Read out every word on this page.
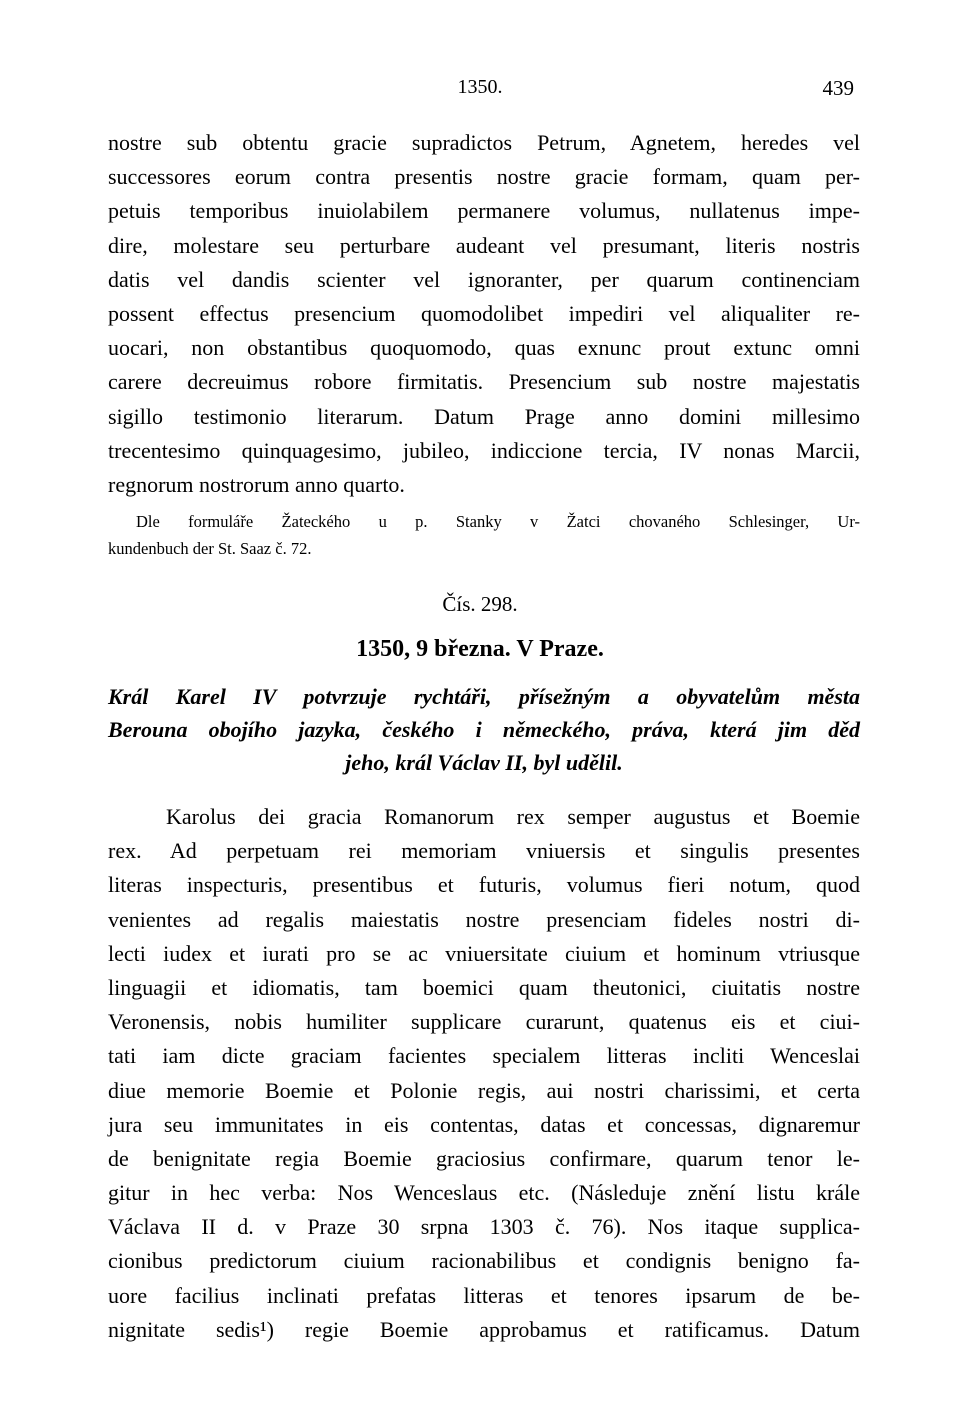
1350.	439
nostre sub obtentu gracie supradictos Petrum, Agnetem, heredes vel
successores eorum contra presentis nostre gracie formam, quam per-
petuis temporibus inuiolabilem permanere volumus, nullatenus impe-
dire, molestare seu perturbare audeant vel presumant, literis nostris
datis vel dandis scienter vel ignoranter, per quarum continenciam
possent effectus presencium quomodolibet impediri vel aliqualiter re-
uocari, non obstantibus quoquomodo, quas exnunc prout extunc omni
carere decreuimus robore firmitatis. Presencium sub nostre majestatis
sigillo testimonio literarum. Datum Prage anno domini millesimo
trecentesimo quinquagesimo, jubileo, indiccione tercia, IV nonas Marcii,
regnorum nostrorum anno quarto.
Dle formuláře Žateckého u p. Stanky v Žatci chovaného Schlesinger, Ur-
kundenbuch der St. Saaz č. 72.
Čís. 298.
1350, 9 března. V Praze.
Král Karel IV potvrzuje rychtáři, přísežným a obyvatelům města
Berouna obojího jazyka, českého i německého, práva, která jim děd
jeho, král Václav II, byl udělil.
Karolus dei gracia Romanorum rex semper augustus et Boemie
rex. Ad perpetuam rei memoriam vniuersis et singulis presentes
literas inspecturis, presentibus et futuris, volumus fieri notum, quod
venientes ad regalis maiestatis nostre presenciam fideles nostri di-
lecti iudex et iurati pro se ac vniuersitate ciuium et hominum vtriusque
linguagii et idiomatis, tam boemici quam theutonici, ciuitatis nostre
Veronensis, nobis humiliter supplicare curarunt, quatenus eis et ciui-
tati iam dicte graciam facientes specialem litteras incliti Wenceslai
diue memorie Boemie et Polonie regis, aui nostri charissimi, et certa
jura seu immunitates in eis contentas, datas et concessas, dignaremur
de benignitate regia Boemie graciosius confirmare, quarum tenor le-
gitur in hec verba: Nos Wenceslaus etc. (Následuje znění listu krále
Václava II d. v Praze 30 srpna 1303 č. 76). Nos itaque supplica-
cionibus predictorum ciuium racionabilibus et condignis benigno fa-
uore facilius inclinati prefatas litteras et tenores ipsarum de be-
nignitate sedis¹) regie Boemie approbamus et ratificamus. Datum
